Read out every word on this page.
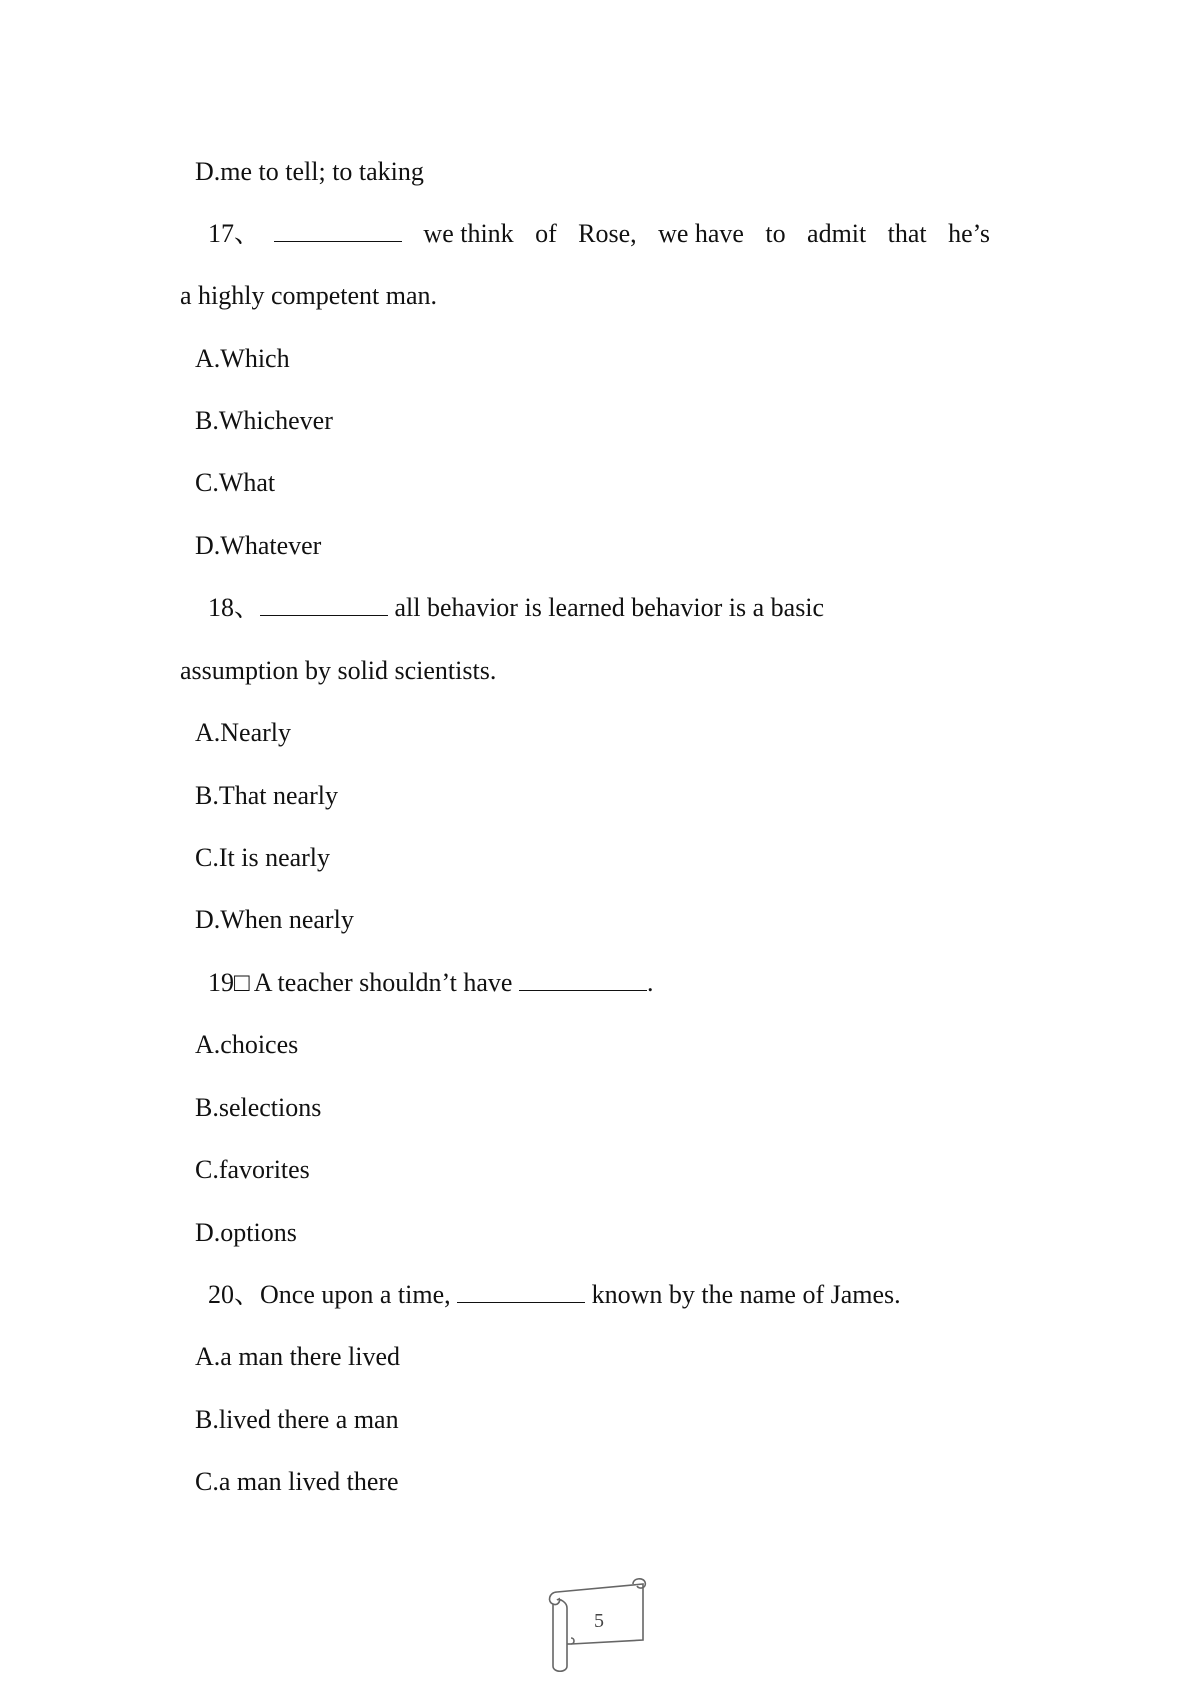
D.me to tell; to taking
17、	we think of Rose, we have to admit that he’s
a highly competent man.
A.Which
B.Whichever
C.What
D.Whatever
18、	all behavior is learned behavior is a basic
assumption by solid scientists.
A.Nearly
B.That nearly
C.It is nearly
D.When nearly
19□ A teacher shouldn’t have	.
A.choices
B.selections
C.favorites
D.options
20、Once upon a time,	known by the name of James.
A.a man there lived
B.lived there a man
C.a man lived there
5
